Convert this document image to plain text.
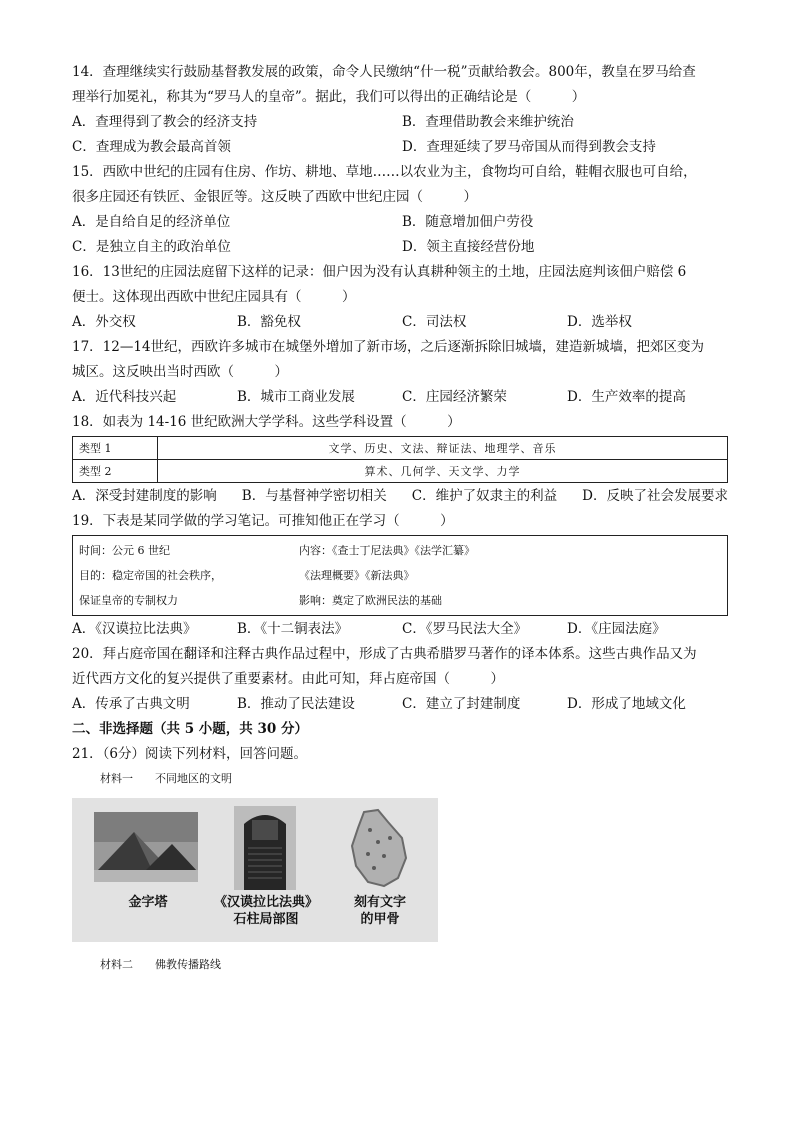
14．查理继续实行鼓励基督教发展的政策，命令人民缴纳“什一税”贡献给教会。800年，教皇在罗马给查
理举行加冕礼，称其为“罗马人的皇帝”。据此，我们可以得出的正确结论是（　　　）
A．查理得到了教会的经济支持	B．查理借助教会来维护统治
C．查理成为教会最高首领	D．查理延续了罗马帝国从而得到教会支持
15．西欧中世纪的庄园有住房、作坊、耕地、草地……以农业为主，食物均可自给，鞋帽衣服也可自给，
很多庄园还有铁匠、金银匠等。这反映了西欧中世纪庄园（　　　）
A．是自给自足的经济单位	B．随意增加佃户劳役
C．是独立自主的政治单位	D．领主直接经营份地
16．13世纪的庄园法庭留下这样的记录：佃户因为没有认真耕种领主的土地，庄园法庭判该佃户赔偿 6
便士。这体现出西欧中世纪庄园具有（　　　）
A．外交权	B．豁免权	C．司法权	D．选举权
17．12—14世纪，西欧许多城市在城堡外增加了新市场，之后逐渐拆除旧城墙，建造新城墙，把郊区变为
城区。这反映出当时西欧（　　　）
A．近代科技兴起	B．城市工商业发展	C．庄园经济繁荣	D．生产效率的提高
18．如表为 14-16 世纪欧洲大学学科。这些学科设置（　　　）
类型 1	文学、历史、文法、辩证法、地理学、音乐
类型 2	算术、几何学、天文学、力学
A．深受封建制度的影响 B．与基督神学密切相关 C．维护了奴隶主的利益 D．反映了社会发展要求
19．下表是某同学做的学习笔记。可推知他正在学习（　　　）
时间：公元 6 世纪	内容：《查士丁尼法典》《法学汇纂》
目的：稳定帝国的社会秩序，	《法理概要》《新法典》
保证皇帝的专制权力	影响：奠定了欧洲民法的基础
A．《汉谟拉比法典》	B．《十二铜表法》	C．《罗马民法大全》	D．《庄园法庭》
20．拜占庭帝国在翻译和注释古典作品过程中，形成了古典希腊罗马著作的译本体系。这些古典作品又为
近代西方文化的复兴提供了重要素材。由此可知，拜占庭帝国（　　　）
A．传承了古典文明	B．推动了民法建设	C．建立了封建制度	D．形成了地域文化
二、非选择题（共 5 小题，共 30 分）
21．（6分）阅读下列材料，回答问题。
材料一　　不同地区的文明
金字塔	《汉谟拉比法典》
石柱局部图
刻有文字
的甲骨
材料二　　佛教传播路线
